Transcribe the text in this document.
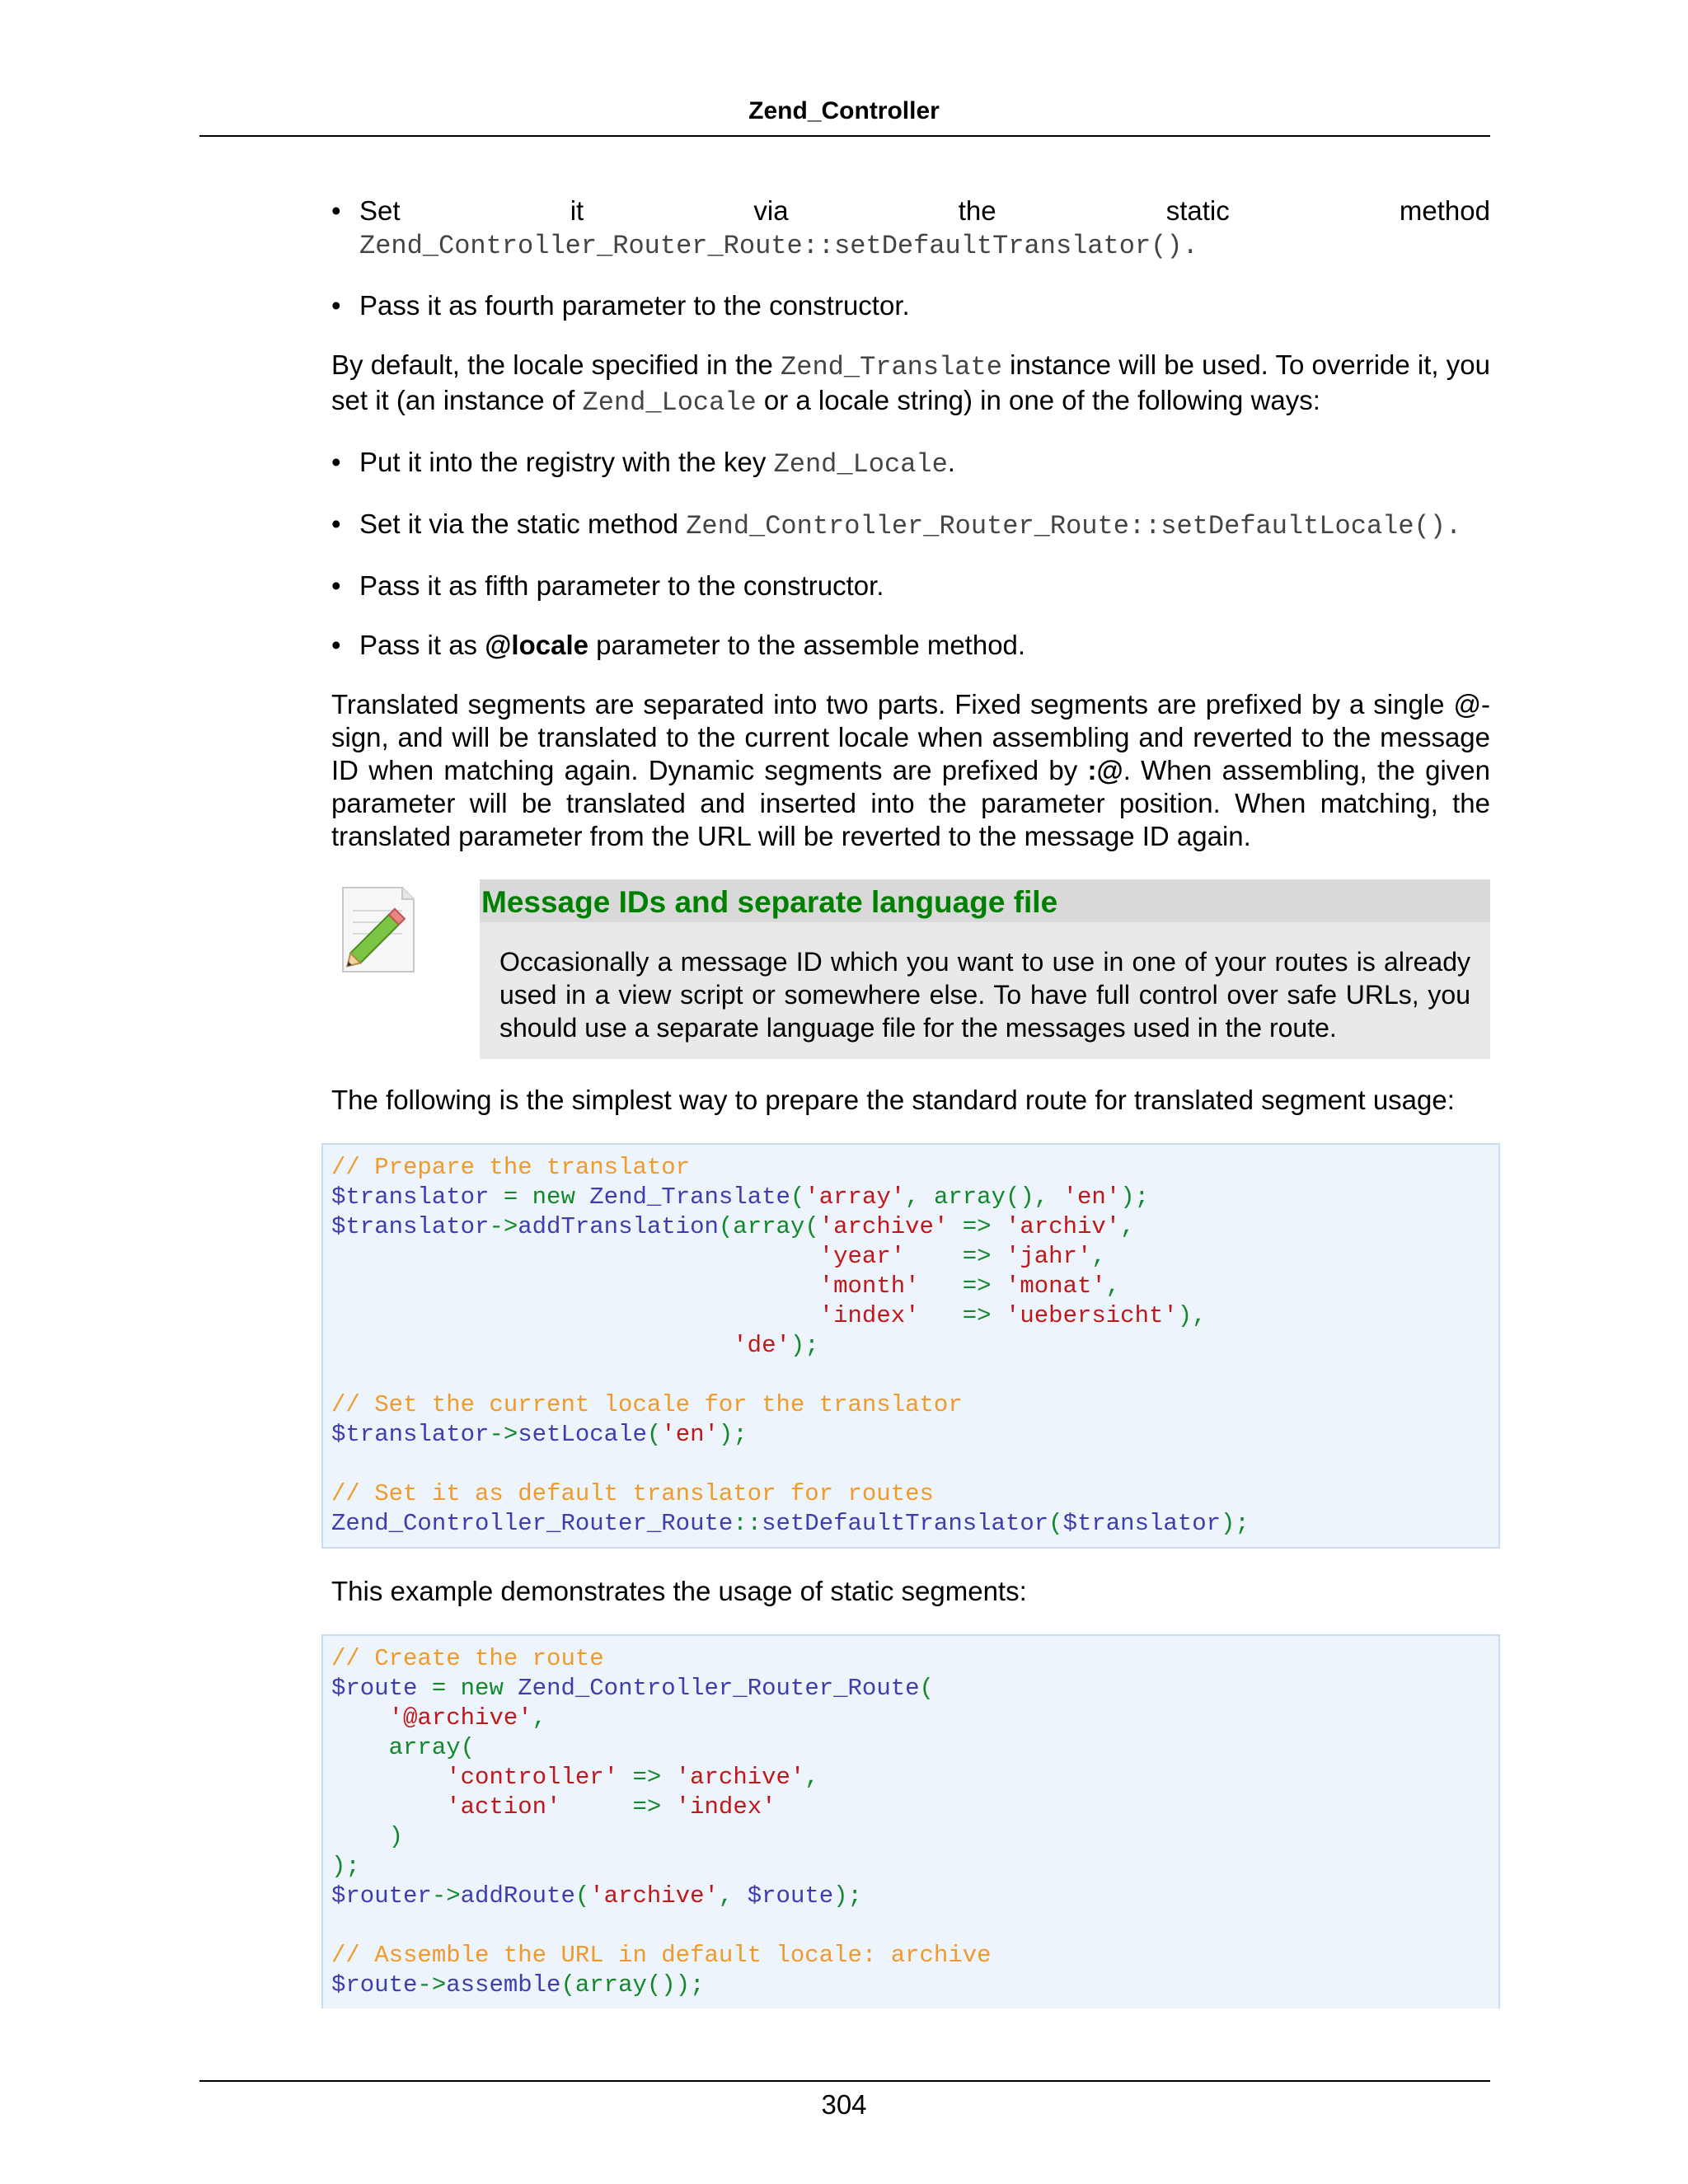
Zend_Controller
• Set	it	via	the	static	method
Zend_Controller_Router_Route::setDefaultTranslator().
• Pass it as fourth parameter to the constructor.

By default, the locale specified in the Zend_Translate instance will be used. To override it, you set it (an instance of Zend_Locale or a locale string) in one of the following ways:

• Put it into the registry with the key Zend_Locale.
• Set it via the static method Zend_Controller_Router_Route::setDefaultLocale().
• Pass it as fifth parameter to the constructor.
• Pass it as @locale parameter to the assemble method.

Translated segments are separated into two parts. Fixed segments are prefixed by a single @-sign, and will be translated to the current locale when assembling and reverted to the message ID when matching again. Dynamic segments are prefixed by :@. When assembling, the given parameter will be translated and inserted into the parameter position. When matching, the translated parameter from the URL will be reverted to the message ID again.

Message IDs and separate language file
Occasionally a message ID which you want to use in one of your routes is already used in a view script or somewhere else. To have full control over safe URLs, you should use a separate language file for the messages used in the route.

The following is the simplest way to prepare the standard route for translated segment usage:

// Prepare the translator
$translator = new Zend_Translate('array', array(), 'en');
$translator->addTranslation(array('archive' => 'archiv',
'year'    => 'jahr',
'month'   => 'monat',
'index'   => 'uebersicht'),
'de');
// Set the current locale for the translator
$translator->setLocale('en');
// Set it as default translator for routes
Zend_Controller_Router_Route::setDefaultTranslator($translator);

This example demonstrates the usage of static segments:

// Create the route
$route = new Zend_Controller_Router_Route(
'@archive',
array(
'controller' => 'archive',
'action'     => 'index'
)
);
$router->addRoute('archive', $route);
// Assemble the URL in default locale: archive
$route->assemble(array());
304
